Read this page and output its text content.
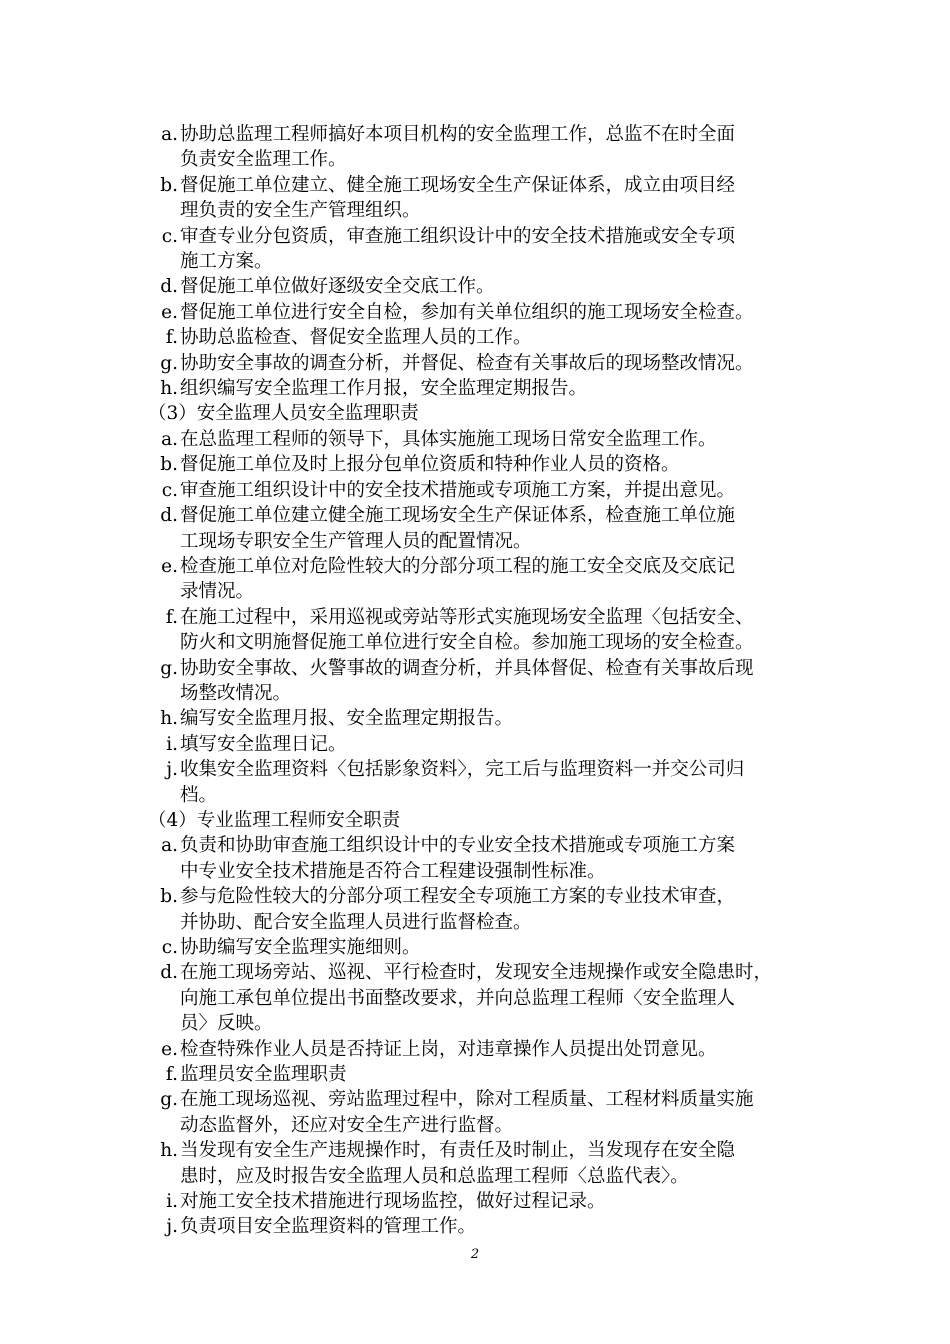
a. 协助总监理工程师搞好本项目机构的安全监理工作，总监不在时全面
负责安全监理工作。
b. 督促施工单位建立、健全施工现场安全生产保证体系，成立由项目经
理负责的安全生产管理组织。
c. 审查专业分包资质，审查施工组织设计中的安全技术措施或安全专项
施工方案。
d. 督促施工单位做好逐级安全交底工作。
e. 督促施工单位进行安全自检，参加有关单位组织的施工现场安全检查。
f. 协助总监检查、督促安全监理人员的工作。
g. 协助安全事故的调查分析，并督促、检查有关事故后的现场整改情况。
h. 组织编写安全监理工作月报，安全监理定期报告。
（3）安全监理人员安全监理职责
a. 在总监理工程师的领导下，具体实施施工现场日常安全监理工作。
b. 督促施工单位及时上报分包单位资质和特种作业人员的资格。
c. 审查施工组织设计中的安全技术措施或专项施工方案，并提出意见。
d. 督促施工单位建立健全施工现场安全生产保证体系，检查施工单位施
工现场专职安全生产管理人员的配置情况。
e. 检查施工单位对危险性较大的分部分项工程的施工安全交底及交底记
录情况。
f. 在施工过程中，采用巡视或旁站等形式实施现场安全监理〈包括安全、
防火和文明施督促施工单位进行安全自检。参加施工现场的安全检查。
g. 协助安全事故、火警事故的调查分析，并具体督促、检查有关事故后现
场整改情况。
h. 编写安全监理月报、安全监理定期报告。
i. 填写安全监理日记。
j. 收集安全监理资料〈包括影象资料〉，完工后与监理资料一并交公司归
档。
（4）专业监理工程师安全职责
a. 负责和协助审查施工组织设计中的专业安全技术措施或专项施工方案
中专业安全技术措施是否符合工程建设强制性标准。
b. 参与危险性较大的分部分项工程安全专项施工方案的专业技术审查，
并协助、配合安全监理人员进行监督检查。
c. 协助编写安全监理实施细则。
d. 在施工现场旁站、巡视、平行检查时，发现安全违规操作或安全隐患时，
向施工承包单位提出书面整改要求，并向总监理工程师〈安全监理人
员〉反映。
e. 检查特殊作业人员是否持证上岗，对违章操作人员提出处罚意见。
f. 监理员安全监理职责
g. 在施工现场巡视、旁站监理过程中，除对工程质量、工程材料质量实施
动态监督外，还应对安全生产进行监督。
h. 当发现有安全生产违规操作时，有责任及时制止，当发现存在安全隐
患时，应及时报告安全监理人员和总监理工程师〈总监代表〉。
i. 对施工安全技术措施进行现场监控，做好过程记录。
j. 负责项目安全监理资料的管理工作。
2
